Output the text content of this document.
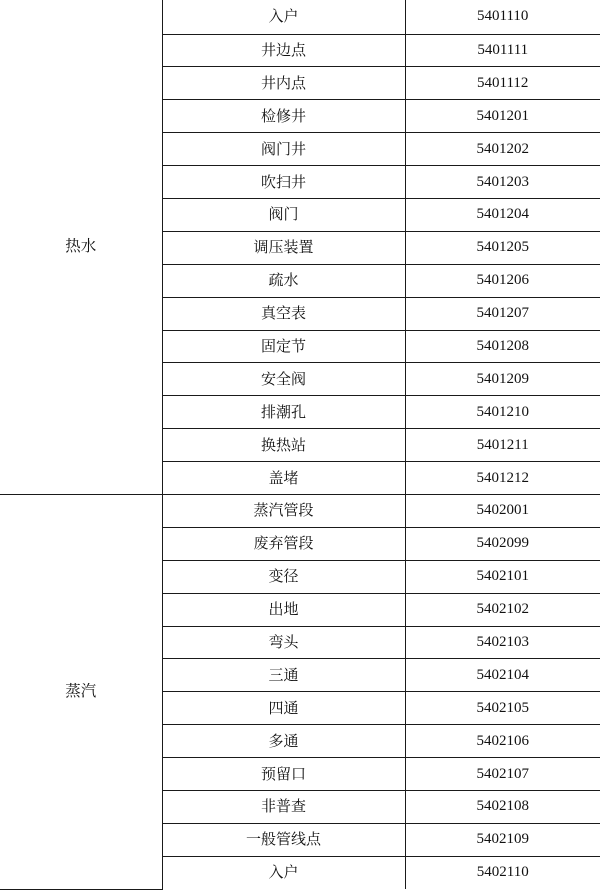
热水	入户	5401110
	井边点	5401111
	井内点	5401112
	检修井	5401201
	阀门井	5401202
	吹扫井	5401203
	阀门	5401204
	调压装置	5401205
	疏水	5401206
	真空表	5401207
	固定节	5401208
	安全阀	5401209
	排潮孔	5401210
	换热站	5401211
	盖堵	5401212
蒸汽	蒸汽管段	5402001
	废弃管段	5402099
	变径	5402101
	出地	5402102
	弯头	5402103
	三通	5402104
	四通	5402105
	多通	5402106
	预留口	5402107
	非普查	5402108
	一般管线点	5402109
	入户	5402110
